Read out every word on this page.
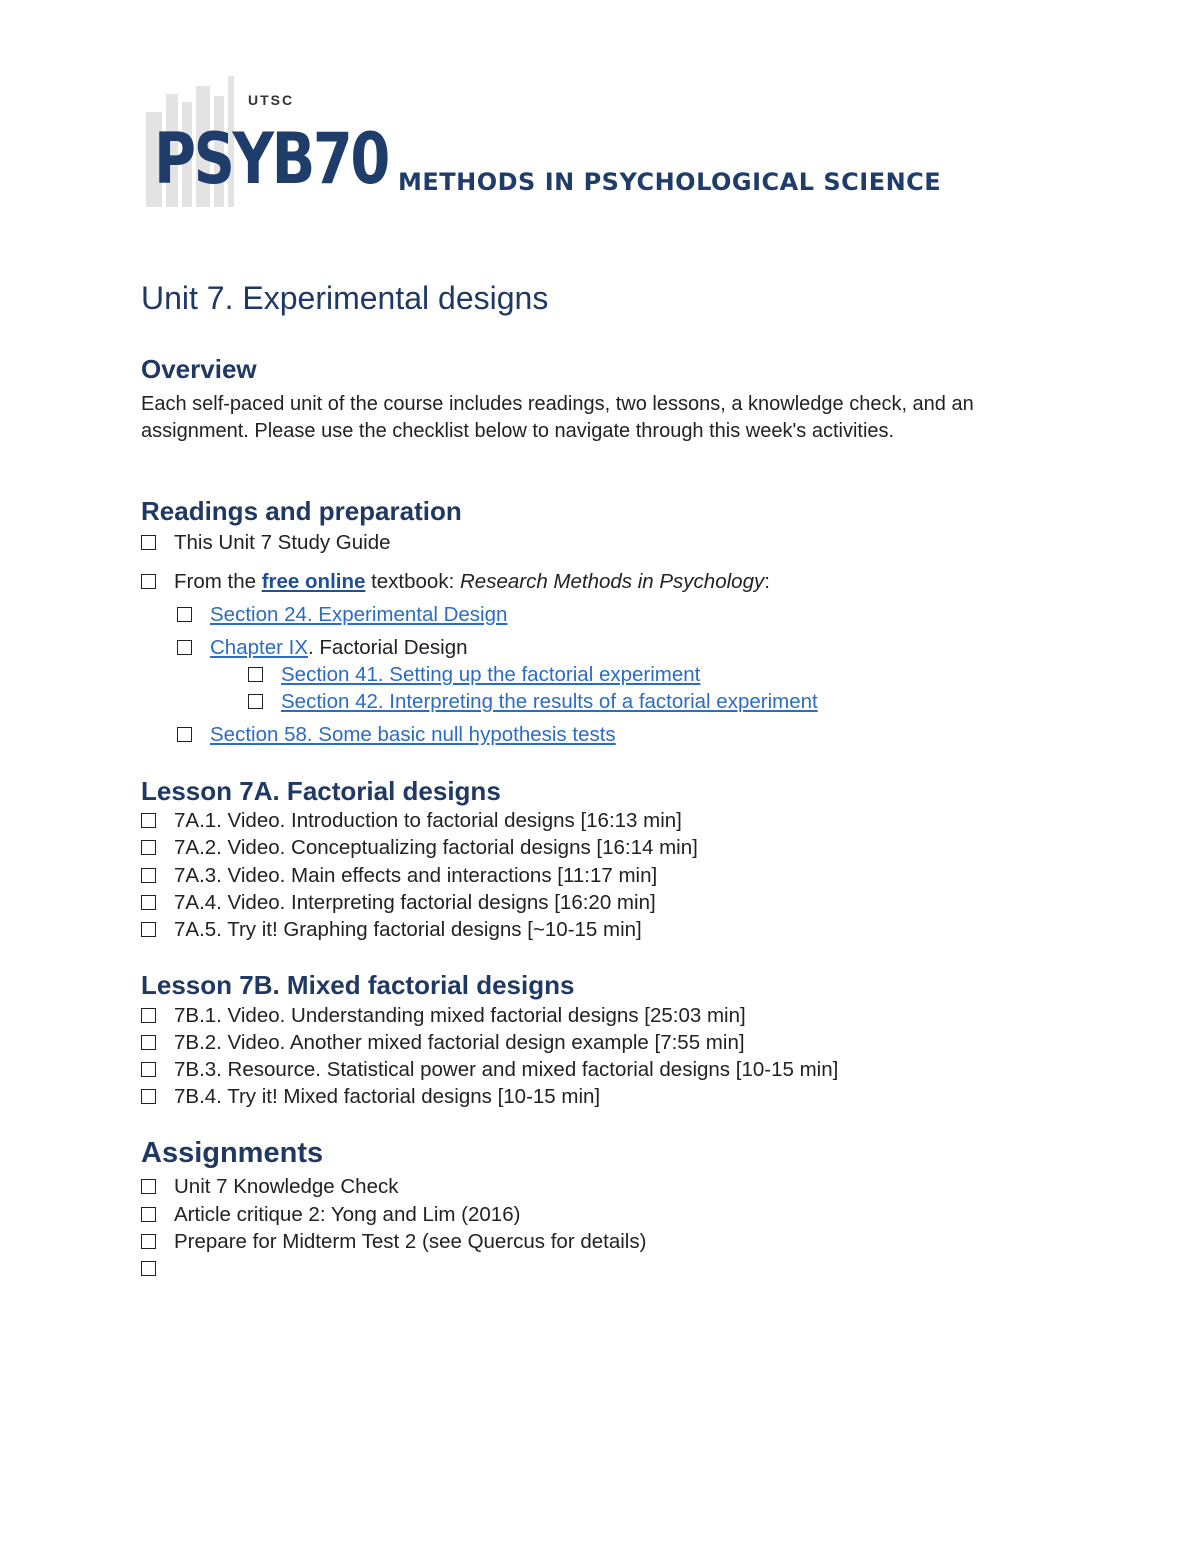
UTSC
PSYB70 METHODS IN PSYCHOLOGICAL SCIENCE
Unit 7. Experimental designs
Overview
Each self-paced unit of the course includes readings, two lessons, a knowledge check, and an assignment. Please use the checklist below to navigate through this week's activities.
Readings and preparation
This Unit 7 Study Guide
From the free online textbook: Research Methods in Psychology:
Section 24. Experimental Design
Chapter IX. Factorial Design
Section 41. Setting up the factorial experiment
Section 42. Interpreting the results of a factorial experiment
Section 58. Some basic null hypothesis tests
Lesson 7A. Factorial designs
7A.1. Video. Introduction to factorial designs [16:13 min]
7A.2. Video. Conceptualizing factorial designs [16:14 min]
7A.3. Video. Main effects and interactions [11:17 min]
7A.4. Video. Interpreting factorial designs [16:20 min]
7A.5. Try it! Graphing factorial designs [~10-15 min]
Lesson 7B. Mixed factorial designs
7B.1. Video. Understanding mixed factorial designs [25:03 min]
7B.2. Video. Another mixed factorial design example [7:55 min]
7B.3. Resource. Statistical power and mixed factorial designs [10-15 min]
7B.4. Try it! Mixed factorial designs [10-15 min]
Assignments
Unit 7 Knowledge Check
Article critique 2: Yong and Lim (2016)
Prepare for Midterm Test 2 (see Quercus for details)
